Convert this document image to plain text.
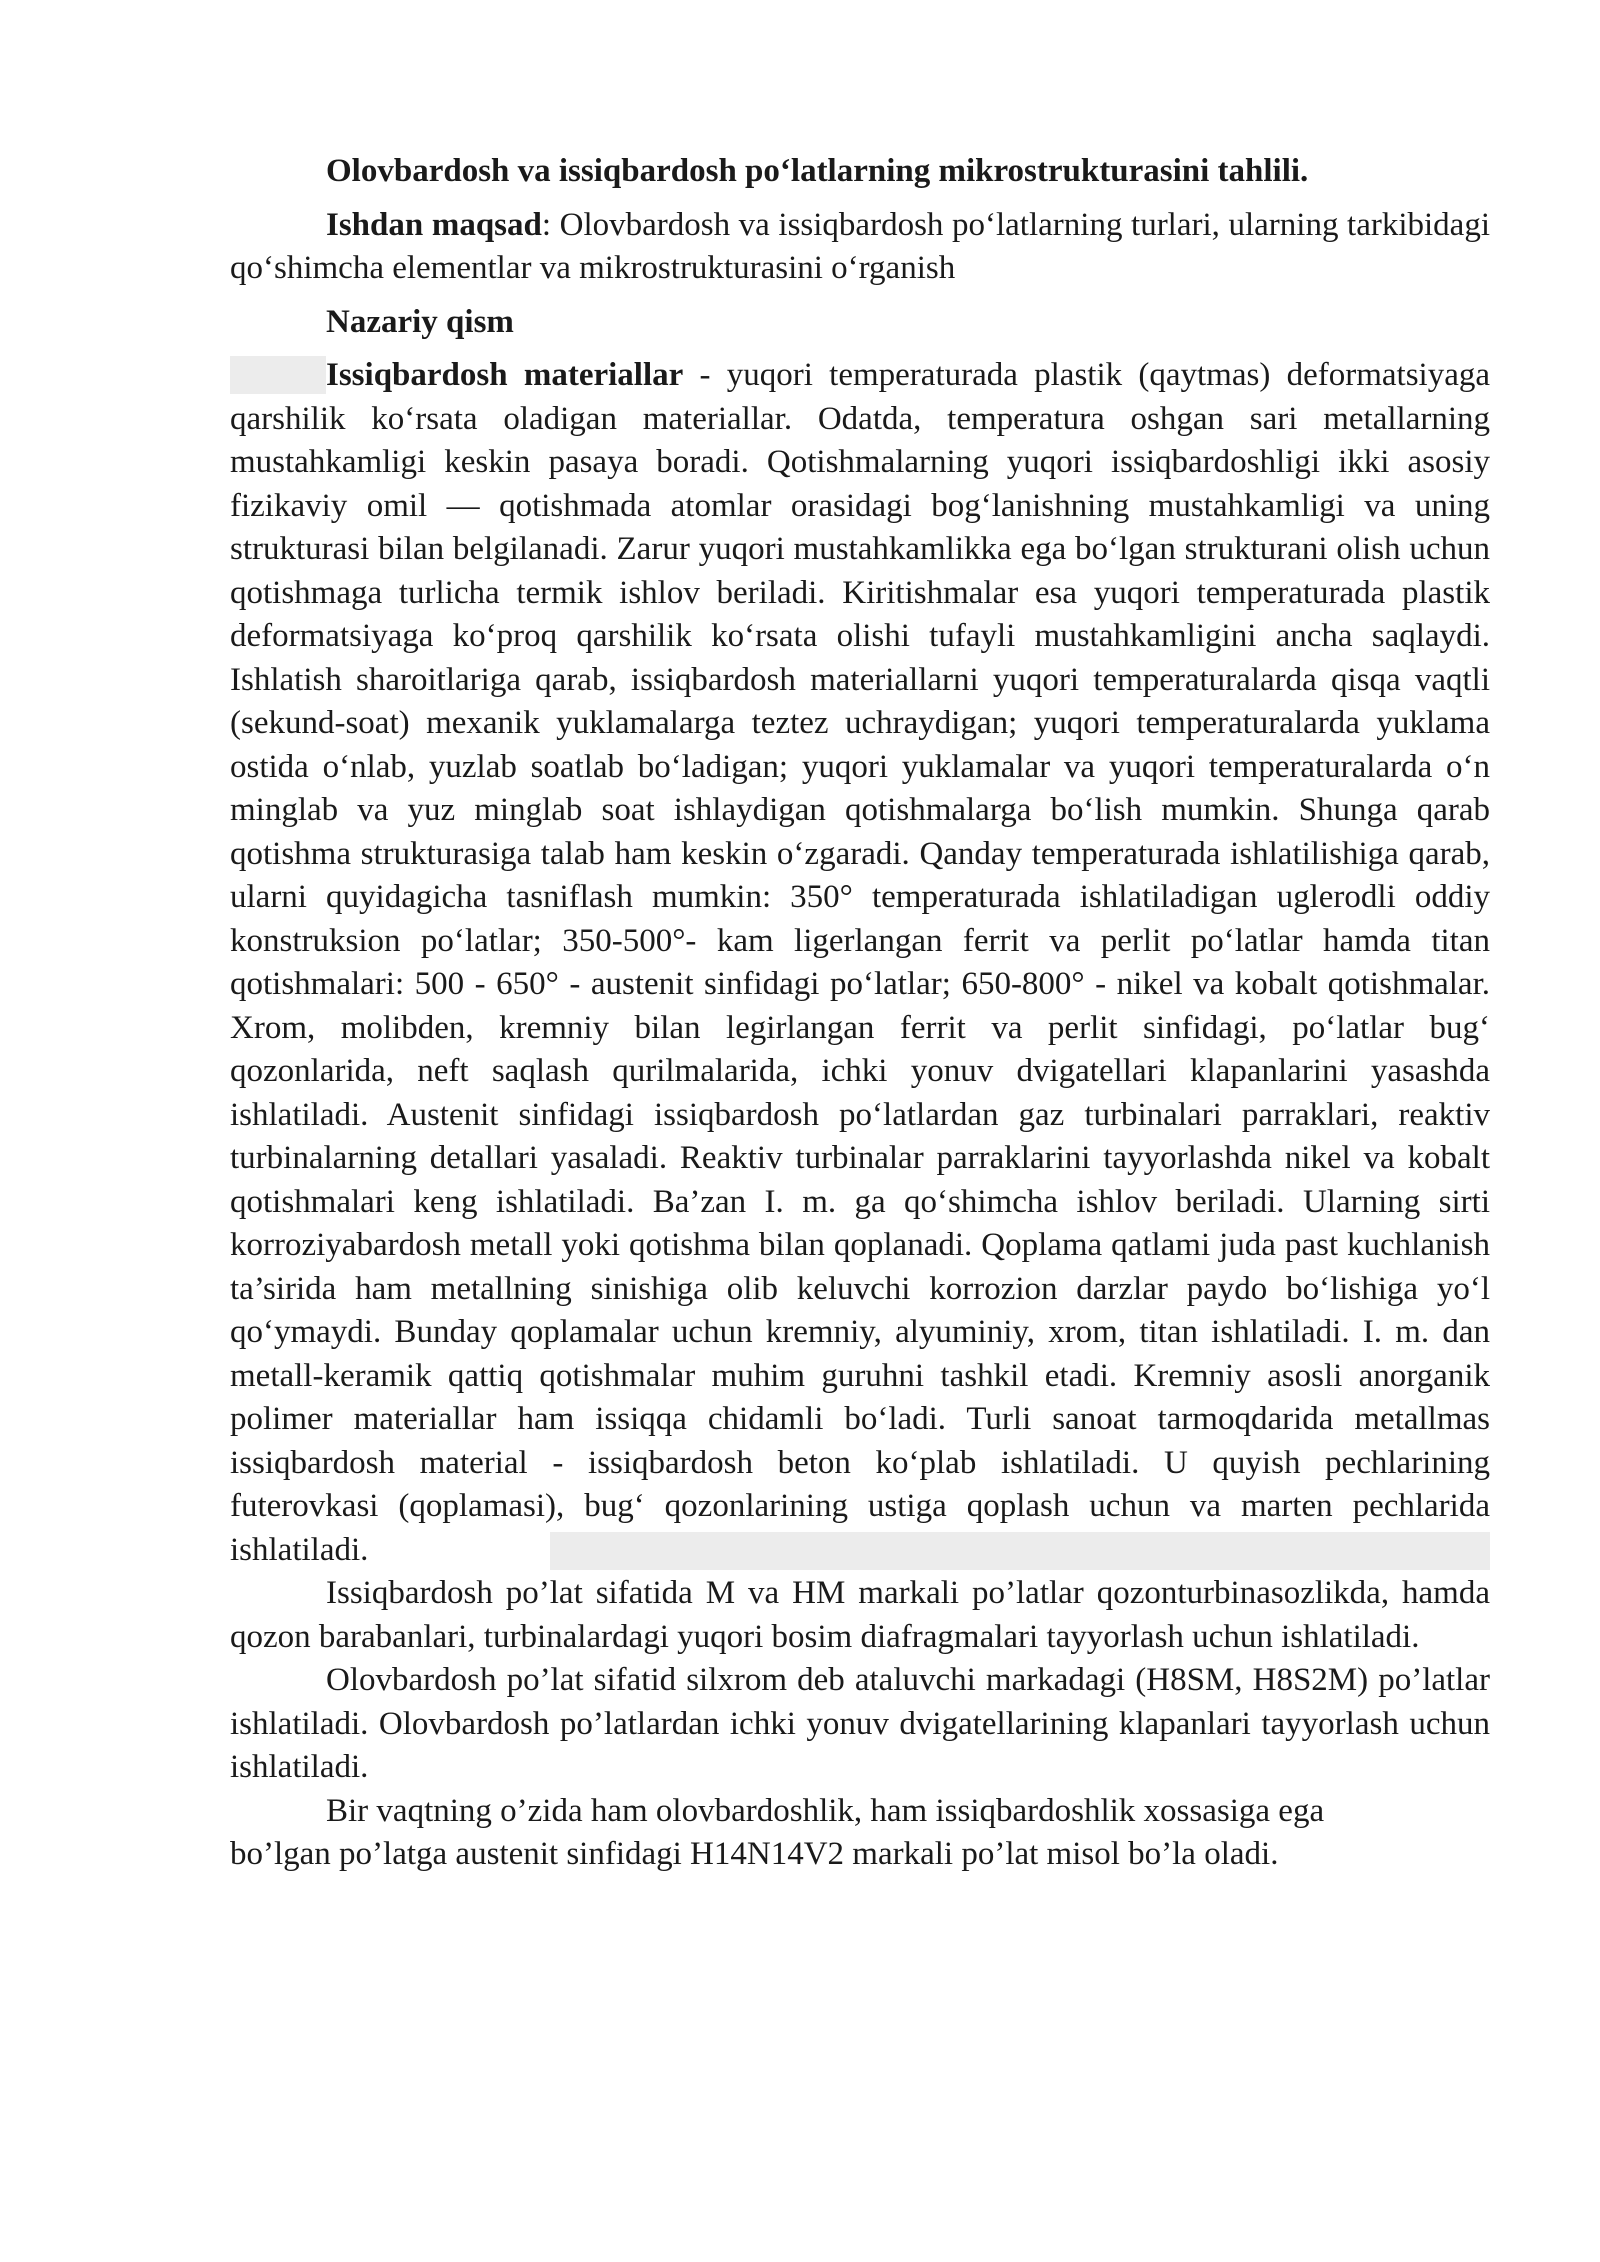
Olovbardosh va issiqbardosh po‘latlarning mikrostrukturasini tahlili.

Ishdan maqsad: Olovbardosh va issiqbardosh po‘latlarning turlari, ularning tarkibidagi qo‘shimcha elementlar va mikrostrukturasini o‘rganish

Nazariy qism

Issiqbardosh materiallar - yuqori temperaturada plastik (qaytmas) deformatsiyaga qarshilik ko‘rsata oladigan materiallar. Odatda, temperatura oshgan sari metallarning mustahkamligi keskin pasaya boradi. Qotishmalarning yuqori issiqbardoshligi ikki asosiy fizikaviy omil — qotishmada atomlar orasidagi bog‘lanishning mustahkamligi va uning strukturasi bilan belgilanadi. Zarur yuqori mustahkamlikka ega bo‘lgan strukturani olish uchun qotishmaga turlicha termik ishlov beriladi. Kiritishmalar esa yuqori temperaturada plastik deformatsiyaga ko‘proq qarshilik ko‘rsata olishi tufayli mustahkamligini ancha saqlaydi. Ishlatish sharoitlariga qarab, issiqbardosh materiallarni yuqori temperaturalarda qisqa vaqtli (sekund-soat) mexanik yuklamalarga teztez uchraydigan; yuqori temperaturalarda yuklama ostida o‘nlab, yuzlab soatlab bo‘ladigan; yuqori yuklamalar va yuqori temperaturalarda o‘n minglab va yuz minglab soat ishlaydigan qotishmalarga bo‘lish mumkin. Shunga qarab qotishma strukturasiga talab ham keskin o‘zgaradi. Qanday temperaturada ishlatilishiga qarab, ularni quyidagicha tasniflash mumkin: 350° temperaturada ishlatiladigan uglerodli oddiy konstruksion po‘latlar; 350-500°- kam ligerlangan ferrit va perlit po‘latlar hamda titan qotishmalari: 500 - 650° - austenit sinfidagi po‘latlar; 650-800° - nikel va kobalt qotishmalar. Xrom, molibden, kremniy bilan legirlangan ferrit va perlit sinfidagi, po‘latlar bug‘ qozonlarida, neft saqlash qurilmalarida, ichki yonuv dvigatellari klapanlarini yasashda ishlatiladi. Austenit sinfidagi issiqbardosh po‘latlardan gaz turbinalari parraklari, reaktiv turbinalarning detallari yasaladi. Reaktiv turbinalar parraklarini tayyorlashda nikel va kobalt qotishmalari keng ishlatiladi. Ba’zan I. m. ga qo‘shimcha ishlov beriladi. Ularning sirti korroziyabardosh metall yoki qotishma bilan qoplanadi. Qoplama qatlami juda past kuchlanish ta’sirida ham metallning sinishiga olib keluvchi korrozion darzlar paydo bo‘lishiga yo‘l qo‘ymaydi. Bunday qoplamalar uchun kremniy, alyuminiy, xrom, titan ishlatiladi. I. m. dan metall-keramik qattiq qotishmalar muhim guruhni tashkil etadi. Kremniy asosli anorganik polimer materiallar ham issiqqa chidamli bo‘ladi. Turli sanoat tarmoqdarida metallmas issiqbardosh material - issiqbardosh beton ko‘plab ishlatiladi. U quyish pechlarining futerovkasi (qoplamasi), bug‘ qozonlarining ustiga qoplash uchun va marten pechlarida ishlatiladi.

Issiqbardosh po’lat sifatida M va HM markali po’latlar qozonturbinasozlikda, hamda qozon barabanlari, turbinalardagi yuqori bosim diafragmalari tayyorlash uchun ishlatiladi.

Olovbardosh po’lat sifatid silxrom deb ataluvchi markadagi (H8SM, H8S2M) po’latlar ishlatiladi. Olovbardosh po’latlardan ichki yonuv dvigatellarining klapanlari tayyorlash uchun ishlatiladi.

Bir vaqtning o’zida ham olovbardoshlik, ham issiqbardoshlik xossasiga ega bo’lgan po’latga austenit sinfidagi H14N14V2 markali po’lat misol bo’la oladi.
